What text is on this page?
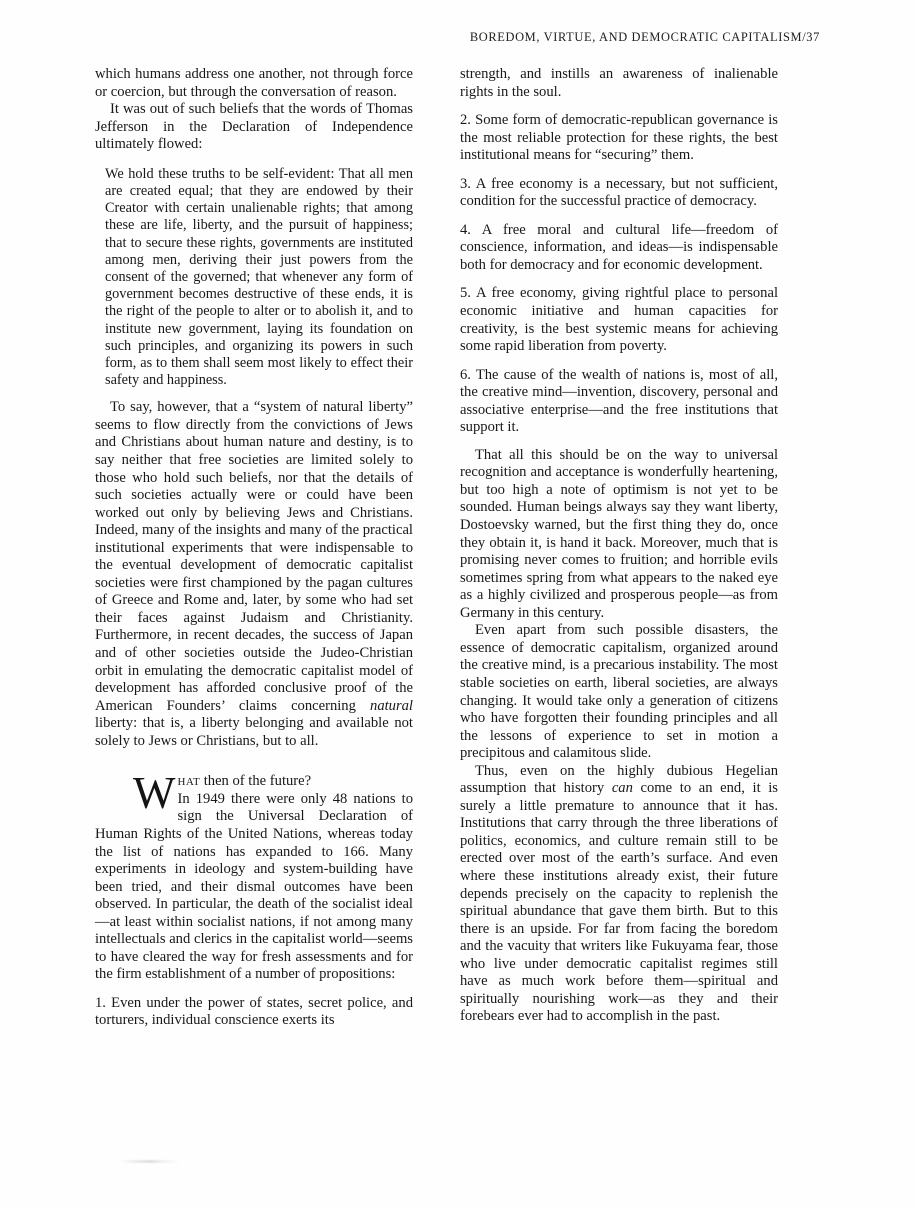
BOREDOM, VIRTUE, AND DEMOCRATIC CAPITALISM/37

which humans address one another, not through force or coercion, but through the conversation of reason.

It was out of such beliefs that the words of Thomas Jefferson in the Declaration of Independence ultimately flowed:

We hold these truths to be self-evident: That all men are created equal; that they are endowed by their Creator with certain unalienable rights; that among these are life, liberty, and the pursuit of happiness; that to secure these rights, governments are instituted among men, deriving their just powers from the consent of the governed; that whenever any form of government becomes destructive of these ends, it is the right of the people to alter or to abolish it, and to institute new government, laying its foundation on such principles, and organizing its powers in such form, as to them shall seem most likely to effect their safety and happiness.

To say, however, that a “system of natural liberty” seems to flow directly from the convictions of Jews and Christians about human nature and destiny, is to say neither that free societies are limited solely to those who hold such beliefs, nor that the details of such societies actually were or could have been worked out only by believing Jews and Christians. Indeed, many of the insights and many of the practical institutional experiments that were indispensable to the eventual development of democratic capitalist societies were first championed by the pagan cultures of Greece and Rome and, later, by some who had set their faces against Judaism and Christianity. Furthermore, in recent decades, the success of Japan and of other societies outside the Judeo-Christian orbit in emulating the democratic capitalist model of development has afforded conclusive proof of the American Founders’ claims concerning natural liberty: that is, a liberty belonging and available not solely to Jews or Christians, but to all.

What then of the future?
In 1949 there were only 48 nations to sign the Universal Declaration of Human Rights of the United Nations, whereas today the list of nations has expanded to 166. Many experiments in ideology and system-building have been tried, and their dismal outcomes have been observed. In particular, the death of the socialist ideal—at least within socialist nations, if not among many intellectuals and clerics in the capitalist world—seems to have cleared the way for fresh assessments and for the firm establishment of a number of propositions:

1. Even under the power of states, secret police, and torturers, individual conscience exerts its

strength, and instills an awareness of inalienable rights in the soul.

2. Some form of democratic-republican governance is the most reliable protection for these rights, the best institutional means for “securing” them.

3. A free economy is a necessary, but not sufficient, condition for the successful practice of democracy.

4. A free moral and cultural life—freedom of conscience, information, and ideas—is indispensable both for democracy and for economic development.

5. A free economy, giving rightful place to personal economic initiative and human capacities for creativity, is the best systemic means for achieving some rapid liberation from poverty.

6. The cause of the wealth of nations is, most of all, the creative mind—invention, discovery, personal and associative enterprise—and the free institutions that support it.

That all this should be on the way to universal recognition and acceptance is wonderfully heartening, but too high a note of optimism is not yet to be sounded. Human beings always say they want liberty, Dostoevsky warned, but the first thing they do, once they obtain it, is hand it back. Moreover, much that is promising never comes to fruition; and horrible evils sometimes spring from what appears to the naked eye as a highly civilized and prosperous people—as from Germany in this century.

Even apart from such possible disasters, the essence of democratic capitalism, organized around the creative mind, is a precarious instability. The most stable societies on earth, liberal societies, are always changing. It would take only a generation of citizens who have forgotten their founding principles and all the lessons of experience to set in motion a precipitous and calamitous slide.

Thus, even on the highly dubious Hegelian assumption that history can come to an end, it is surely a little premature to announce that it has. Institutions that carry through the three liberations of politics, economics, and culture remain still to be erected over most of the earth’s surface. And even where these institutions already exist, their future depends precisely on the capacity to replenish the spiritual abundance that gave them birth. But to this there is an upside. For far from facing the boredom and the vacuity that writers like Fukuyama fear, those who live under democratic capitalist regimes still have as much work before them—spiritual and spiritually nourishing work—as they and their forebears ever had to accomplish in the past.
